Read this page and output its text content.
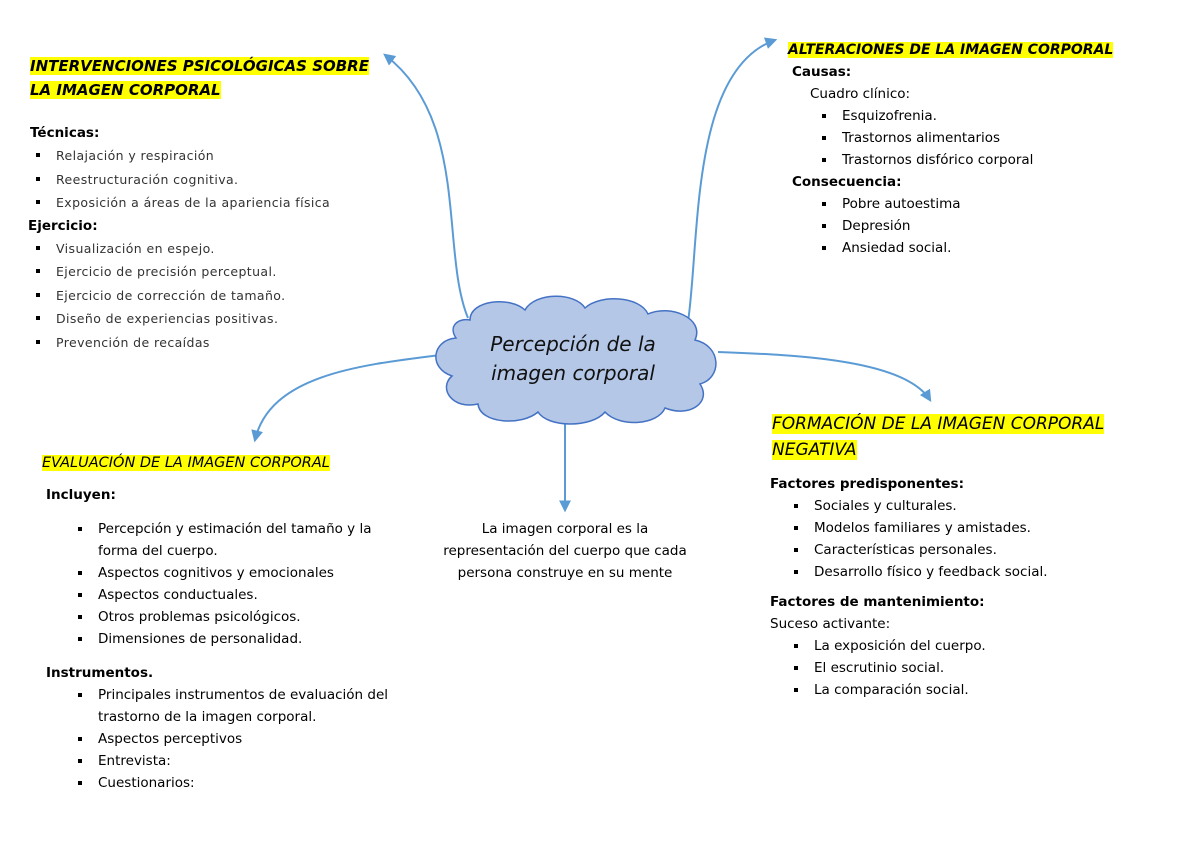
Percepción de la
imagen corporal
La imagen corporal es la
representación del cuerpo que cada
persona construye en su mente
INTERVENCIONES PSICOLÓGICAS SOBRE
LA IMAGEN CORPORAL

Técnicas:

Relajación y respiración
Reestructuración cognitiva.
Exposición a áreas de la apariencia física

Ejercicio:

Visualización en espejo.
Ejercicio de precisión perceptual.
Ejercicio de corrección de tamaño.
Diseño de experiencias positivas.
Prevención de recaídas
ALTERACIONES DE LA IMAGEN CORPORAL

Causas:

Cuadro clínico:

Esquizofrenia.
Trastornos alimentarios
Trastornos disfórico corporal

Consecuencia:

Pobre autoestima
Depresión
Ansiedad social.
EVALUACIÓN DE LA IMAGEN CORPORAL

Incluyen:

Percepción y estimación del tamaño y la forma del cuerpo.
Aspectos cognitivos y emocionales
Aspectos conductuales.
Otros problemas psicológicos.
Dimensiones de personalidad.

Instrumentos.

Principales instrumentos de evaluación del trastorno de la imagen corporal.
Aspectos perceptivos
Entrevista:
Cuestionarios:
FORMACIÓN DE LA IMAGEN CORPORAL
NEGATIVA

Factores predisponentes:

Sociales y culturales.
Modelos familiares y amistades.
Características personales.
Desarrollo físico y feedback social.

Factores de mantenimiento:

Suceso activante:

La exposición del cuerpo.
El escrutinio social.
La comparación social.
